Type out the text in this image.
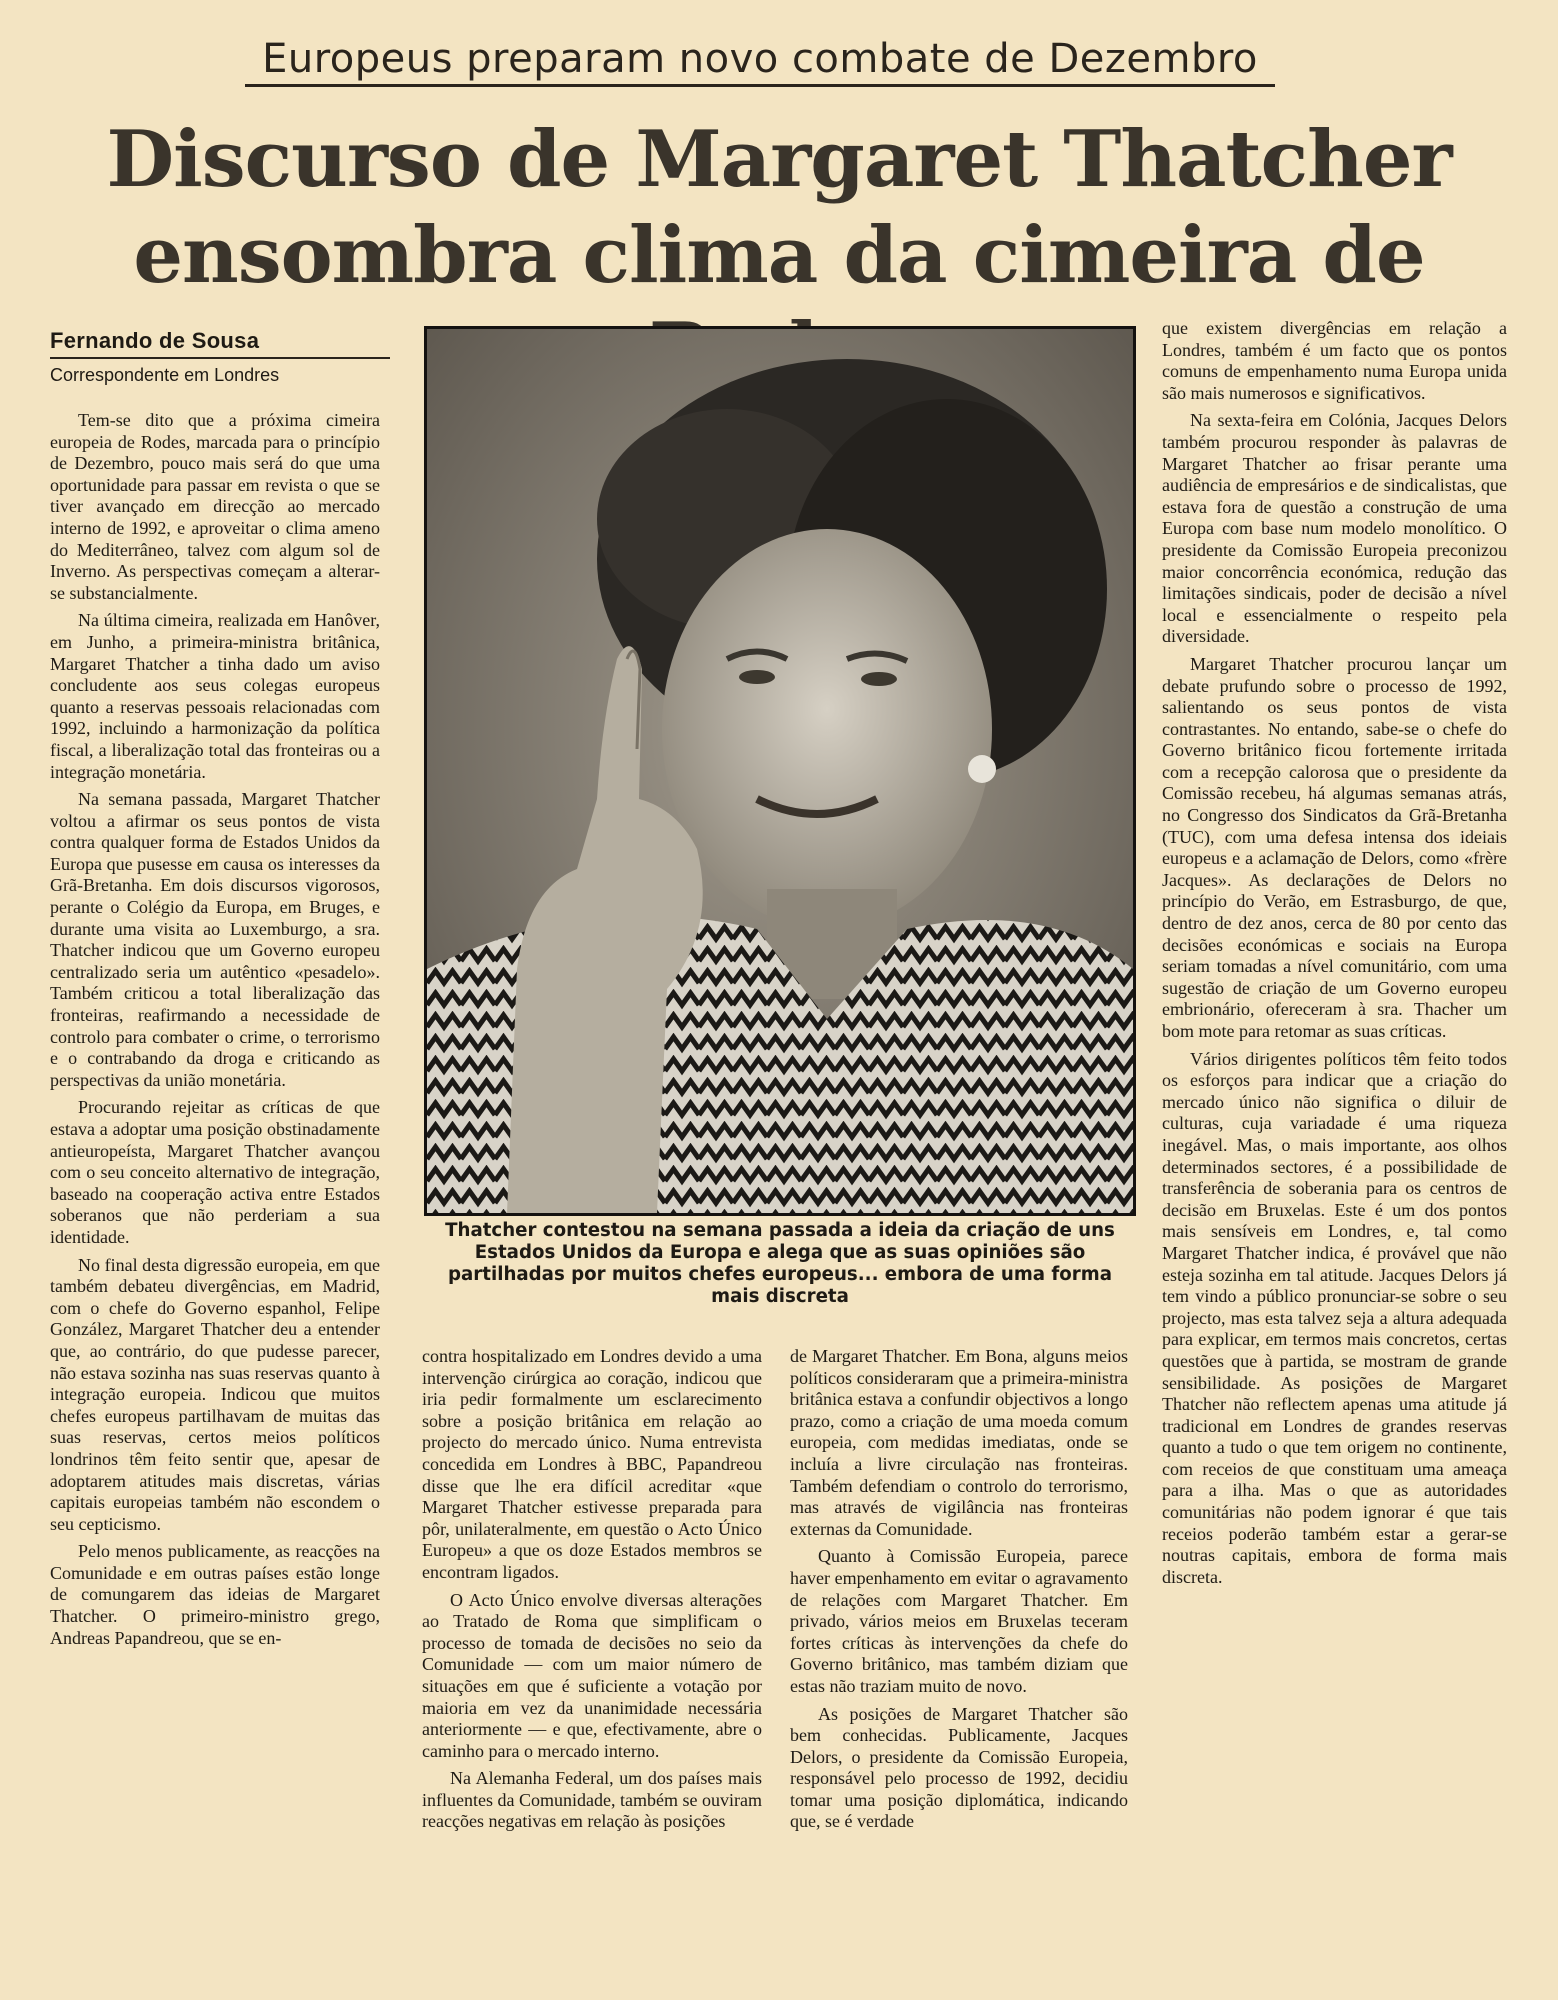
Europeus preparam novo combate de Dezembro
Discurso de Margaret Thatcher
ensombra clima da cimeira de
Fernando de Sousa
Correspondente em Londres

Tem-se dito que a próxima cimeira europeia de Rodes, marcada para o princípio de Dezembro, pouco mais será do que uma oportunidade para passar em revista o que se tiver avançado em direcção ao mercado interno de 1992, e aproveitar o clima ameno do Mediterrâneo, talvez com algum sol de Inverno. As perspectivas começam a alterar-se substancialmente.

Na última cimeira, realizada em Hanôver, em Junho, a primeira-ministra britânica, Margaret Thatcher a tinha dado um aviso concludente aos seus colegas europeus quanto a reservas pessoais relacionadas com 1992, incluindo a harmonização da política fiscal, a liberalização total das fronteiras ou a integração monetária.

Na semana passada, Margaret Thatcher voltou a afirmar os seus pontos de vista contra qualquer forma de Estados Unidos da Europa que pusesse em causa os interesses da Grã-Bretanha. Em dois discursos vigorosos, perante o Colégio da Europa, em Bruges, e durante uma visita ao Luxemburgo, a sra. Thatcher indicou que um Governo europeu centralizado seria um autêntico «pesadelo». Também criticou a total liberalização das fronteiras, reafirmando a necessidade de controlo para combater o crime, o terrorismo e o contrabando da droga e criticando as perspectivas da união monetária.

Procurando rejeitar as críticas de que estava a adoptar uma posição obstinadamente antieuropeísta, Margaret Thatcher avançou com o seu conceito alternativo de integração, baseado na cooperação activa entre Estados soberanos que não perderiam a sua identidade.

No final desta digressão europeia, em que também debateu divergências, em Madrid, com o chefe do Governo espanhol, Felipe González, Margaret Thatcher deu a entender que, ao contrário, do que pudesse parecer, não estava sozinha nas suas reservas quanto à integração europeia. Indicou que muitos chefes europeus partilhavam de muitas das suas reservas, certos meios políticos londrinos têm feito sentir que, apesar de adoptarem atitudes mais discretas, várias capitais europeias também não escondem o seu cepticismo.

Pelo menos publicamente, as reacções na Comunidade e em outras países estão longe de comungarem das ideias de Margaret Thatcher. O primeiro-ministro grego, Andreas Papandreou, que se en-

Thatcher contestou na semana passada a ideia da criação de uns Estados Unidos da Europa e alega que as suas opiniões são partilhadas por muitos chefes europeus... embora de uma forma mais discreta

contra hospitalizado em Londres devido a uma intervenção cirúrgica ao coração, indicou que iria pedir formalmente um esclarecimento sobre a posição britânica em relação ao projecto do mercado único. Numa entrevista concedida em Londres à BBC, Papandreou disse que lhe era difícil acreditar «que Margaret Thatcher estivesse preparada para pôr, unilateralmente, em questão o Acto Único Europeu» a que os doze Estados membros se encontram ligados.

O Acto Único envolve diversas alterações ao Tratado de Roma que simplificam o processo de tomada de decisões no seio da Comunidade — com um maior número de situações em que é suficiente a votação por maioria em vez da unanimidade necessária anteriormente — e que, efectivamente, abre o caminho para o mercado interno.

Na Alemanha Federal, um dos países mais influentes da Comunidade, também se ouviram reacções negativas em relação às posições

de Margaret Thatcher. Em Bona, alguns meios políticos consideraram que a primeira-ministra britânica estava a confundir objectivos a longo prazo, como a criação de uma moeda comum europeia, com medidas imediatas, onde se incluía a livre circulação nas fronteiras. Também defendiam o controlo do terrorismo, mas através de vigilância nas fronteiras externas da Comunidade.

Quanto à Comissão Europeia, parece haver empenhamento em evitar o agravamento de relações com Margaret Thatcher. Em privado, vários meios em Bruxelas teceram fortes críticas às intervenções da chefe do Governo britânico, mas também diziam que estas não traziam muito de novo.

As posições de Margaret Thatcher são bem conhecidas. Publicamente, Jacques Delors, o presidente da Comissão Europeia, responsável pelo processo de 1992, decidiu tomar uma posição diplomática, indicando que, se é verdade

que existem divergências em relação a Londres, também é um facto que os pontos comuns de empenhamento numa Europa unida são mais numerosos e significativos.

Na sexta-feira em Colónia, Jacques Delors também procurou responder às palavras de Margaret Thatcher ao frisar perante uma audiência de empresários e de sindicalistas, que estava fora de questão a construção de uma Europa com base num modelo monolítico. O presidente da Comissão Europeia preconizou maior concorrência económica, redução das limitações sindicais, poder de decisão a nível local e essencialmente o respeito pela diversidade.

Margaret Thatcher procurou lançar um debate prufundo sobre o processo de 1992, salientando os seus pontos de vista contrastantes. No entando, sabe-se o chefe do Governo britânico ficou fortemente irritada com a recepção calorosa que o presidente da Comissão recebeu, há algumas semanas atrás, no Congresso dos Sindicatos da Grã-Bretanha (TUC), com uma defesa intensa dos ideiais europeus e a aclamação de Delors, como «frère Jacques». As declarações de Delors no princípio do Verão, em Estrasburgo, de que, dentro de dez anos, cerca de 80 por cento das decisões económicas e sociais na Europa seriam tomadas a nível comunitário, com uma sugestão de criação de um Governo europeu embrionário, ofereceram à sra. Thacher um bom mote para retomar as suas críticas.

Vários dirigentes políticos têm feito todos os esforços para indicar que a criação do mercado único não significa o diluir de culturas, cuja variadade é uma riqueza inegável. Mas, o mais importante, aos olhos determinados sectores, é a possibilidade de transferência de soberania para os centros de decisão em Bruxelas. Este é um dos pontos mais sensíveis em Londres, e, tal como Margaret Thatcher indica, é provável que não esteja sozinha em tal atitude. Jacques Delors já tem vindo a público pronunciar-se sobre o seu projecto, mas esta talvez seja a altura adequada para explicar, em termos mais concretos, certas questões que à partida, se mostram de grande sensibilidade. As posições de Margaret Thatcher não reflectem apenas uma atitude já tradicional em Londres de grandes reservas quanto a tudo o que tem origem no continente, com receios de que constituam uma ameaça para a ilha. Mas o que as autoridades comunitárias não podem ignorar é que tais receios poderão também estar a gerar-se noutras capitais, embora de forma mais discreta.
